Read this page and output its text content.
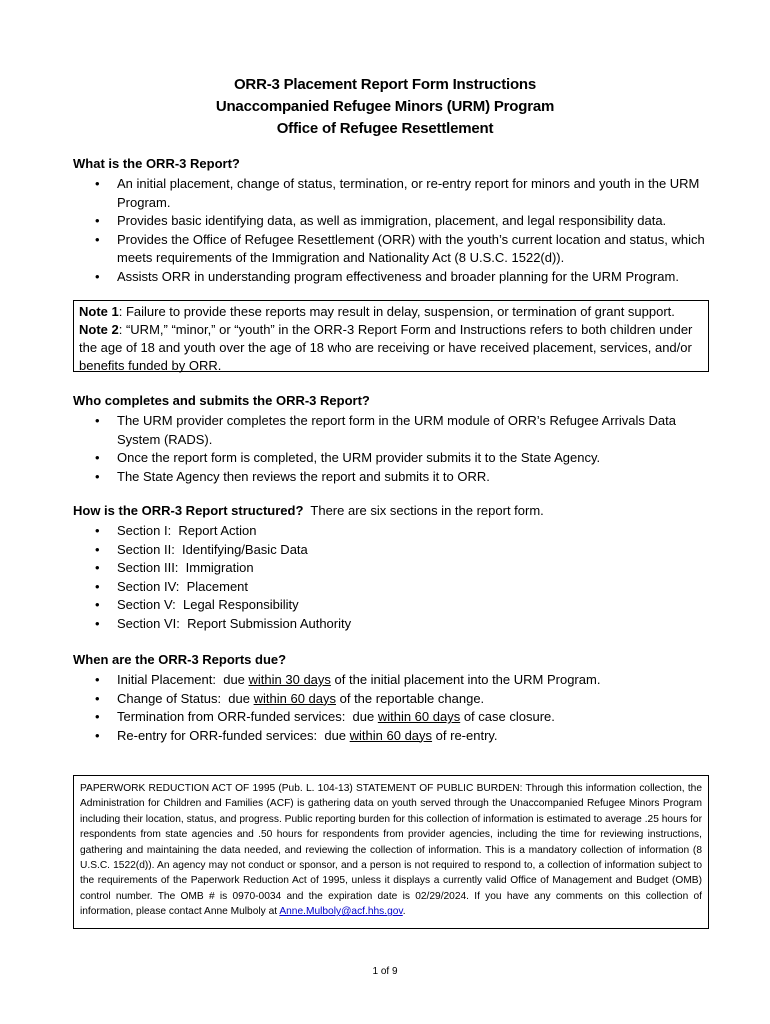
ORR-3 Placement Report Form Instructions
Unaccompanied Refugee Minors (URM) Program
Office of Refugee Resettlement
What is the ORR-3 Report?
• An initial placement, change of status, termination, or re-entry report for minors and youth in the URM Program.
• Provides basic identifying data, as well as immigration, placement, and legal responsibility data.
• Provides the Office of Refugee Resettlement (ORR) with the youth’s current location and status, which meets requirements of the Immigration and Nationality Act (8 U.S.C. 1522(d)).
• Assists ORR in understanding program effectiveness and broader planning for the URM Program.
Note 1: Failure to provide these reports may result in delay, suspension, or termination of grant support.
Note 2: “URM,” “minor,” or “youth” in the ORR-3 Report Form and Instructions refers to both children under the age of 18 and youth over the age of 18 who are receiving or have received placement, services, and/or benefits funded by ORR.
Who completes and submits the ORR-3 Report?
• The URM provider completes the report form in the URM module of ORR’s Refugee Arrivals Data System (RADS).
• Once the report form is completed, the URM provider submits it to the State Agency.
• The State Agency then reviews the report and submits it to ORR.
How is the ORR-3 Report structured?  There are six sections in the report form.
• Section I:  Report Action
• Section II:  Identifying/Basic Data
• Section III:  Immigration
• Section IV:  Placement
• Section V:  Legal Responsibility
• Section VI:  Report Submission Authority
When are the ORR-3 Reports due?
• Initial Placement:  due within 30 days of the initial placement into the URM Program.
• Change of Status:  due within 60 days of the reportable change.
• Termination from ORR-funded services:  due within 60 days of case closure.
• Re-entry for ORR-funded services:  due within 60 days of re-entry.
PAPERWORK REDUCTION ACT OF 1995 (Pub. L. 104-13) STATEMENT OF PUBLIC BURDEN: Through this information collection, the Administration for Children and Families (ACF) is gathering data on youth served through the Unaccompanied Refugee Minors Program including their location, status, and progress. Public reporting burden for this collection of information is estimated to average .25 hours for respondents from state agencies and .50 hours for respondents from provider agencies, including the time for reviewing instructions, gathering and maintaining the data needed, and reviewing the collection of information. This is a mandatory collection of information (8 U.S.C. 1522(d)). An agency may not conduct or sponsor, and a person is not required to respond to, a collection of information subject to the requirements of the Paperwork Reduction Act of 1995, unless it displays a currently valid Office of Management and Budget (OMB) control number. The OMB # is 0970-0034 and the expiration date is 02/29/2024. If you have any comments on this collection of information, please contact Anne Mulboly at Anne.Mulboly@acf.hhs.gov.
1 of 9
